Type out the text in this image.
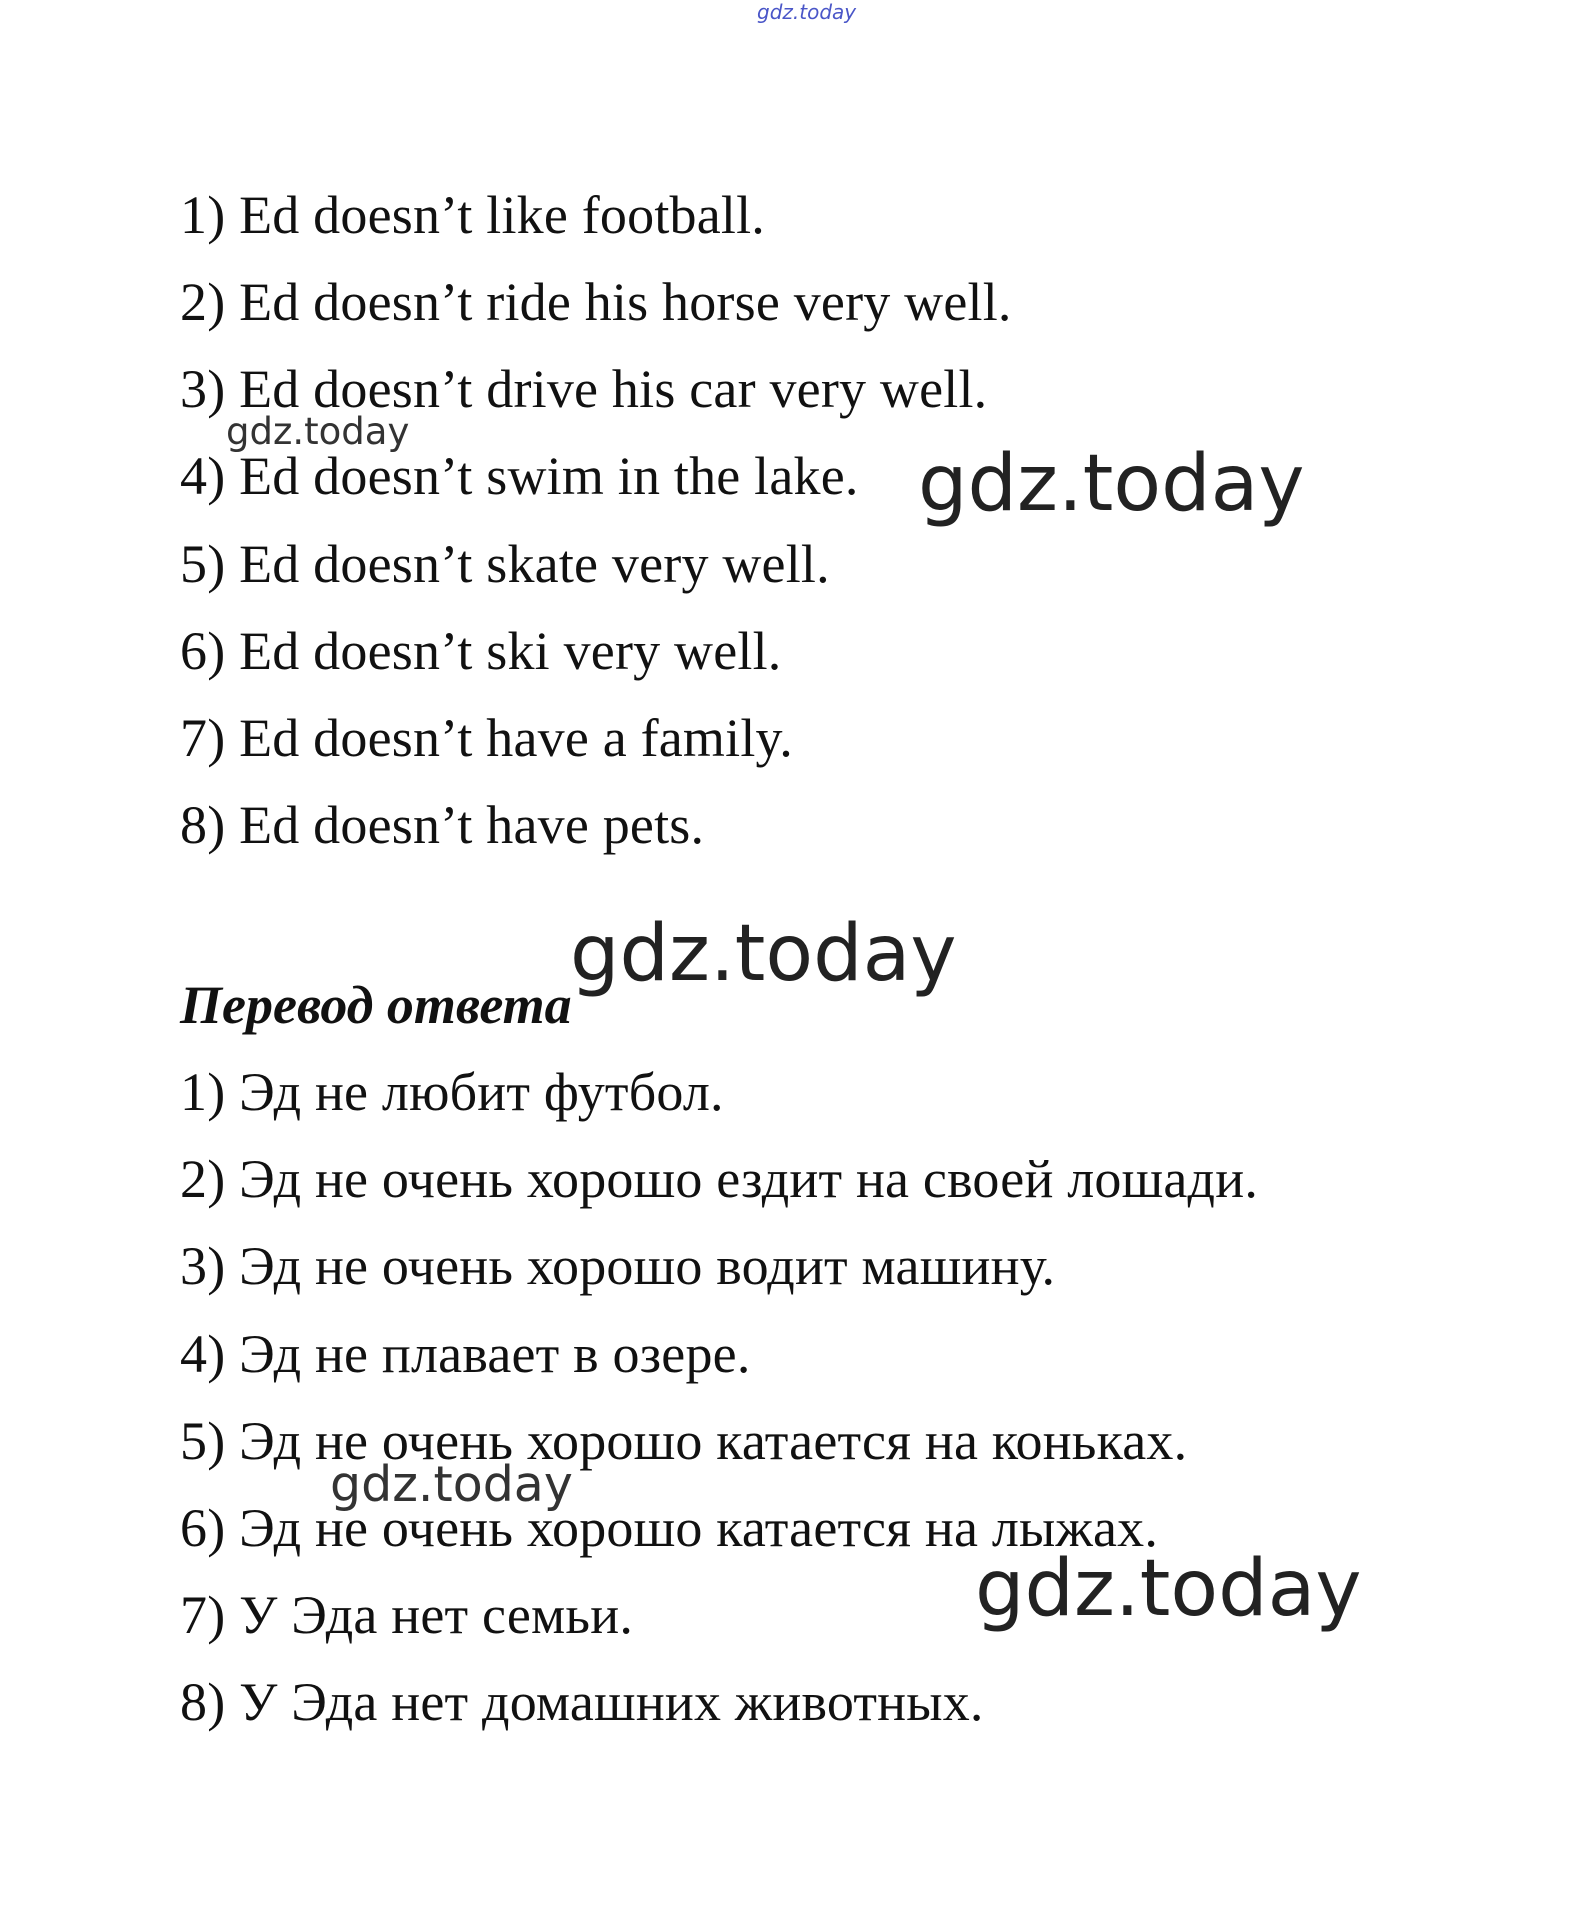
1) Ed doesn’t like football.
2) Ed doesn’t ride his horse very well.
3) Ed doesn’t drive his car very well.
4) Ed doesn’t swim in the lake.
5) Ed doesn’t skate very well.
6) Ed doesn’t ski very well.
7) Ed doesn’t have a family.
8) Ed doesn’t have pets.
Перевод ответа
1) Эд не любит футбол.
2) Эд не очень хорошо ездит на своей лошади.
3) Эд не очень хорошо водит машину.
4) Эд не плавает в озере.
5) Эд не очень хорошо катается на коньках.
6) Эд не очень хорошо катается на лыжах.
7) У Эда нет семьи.
8) У Эда нет домашних животных.
gdz.today
gdz.today
gdz.today
gdz.today
gdz.today
gdz.today
